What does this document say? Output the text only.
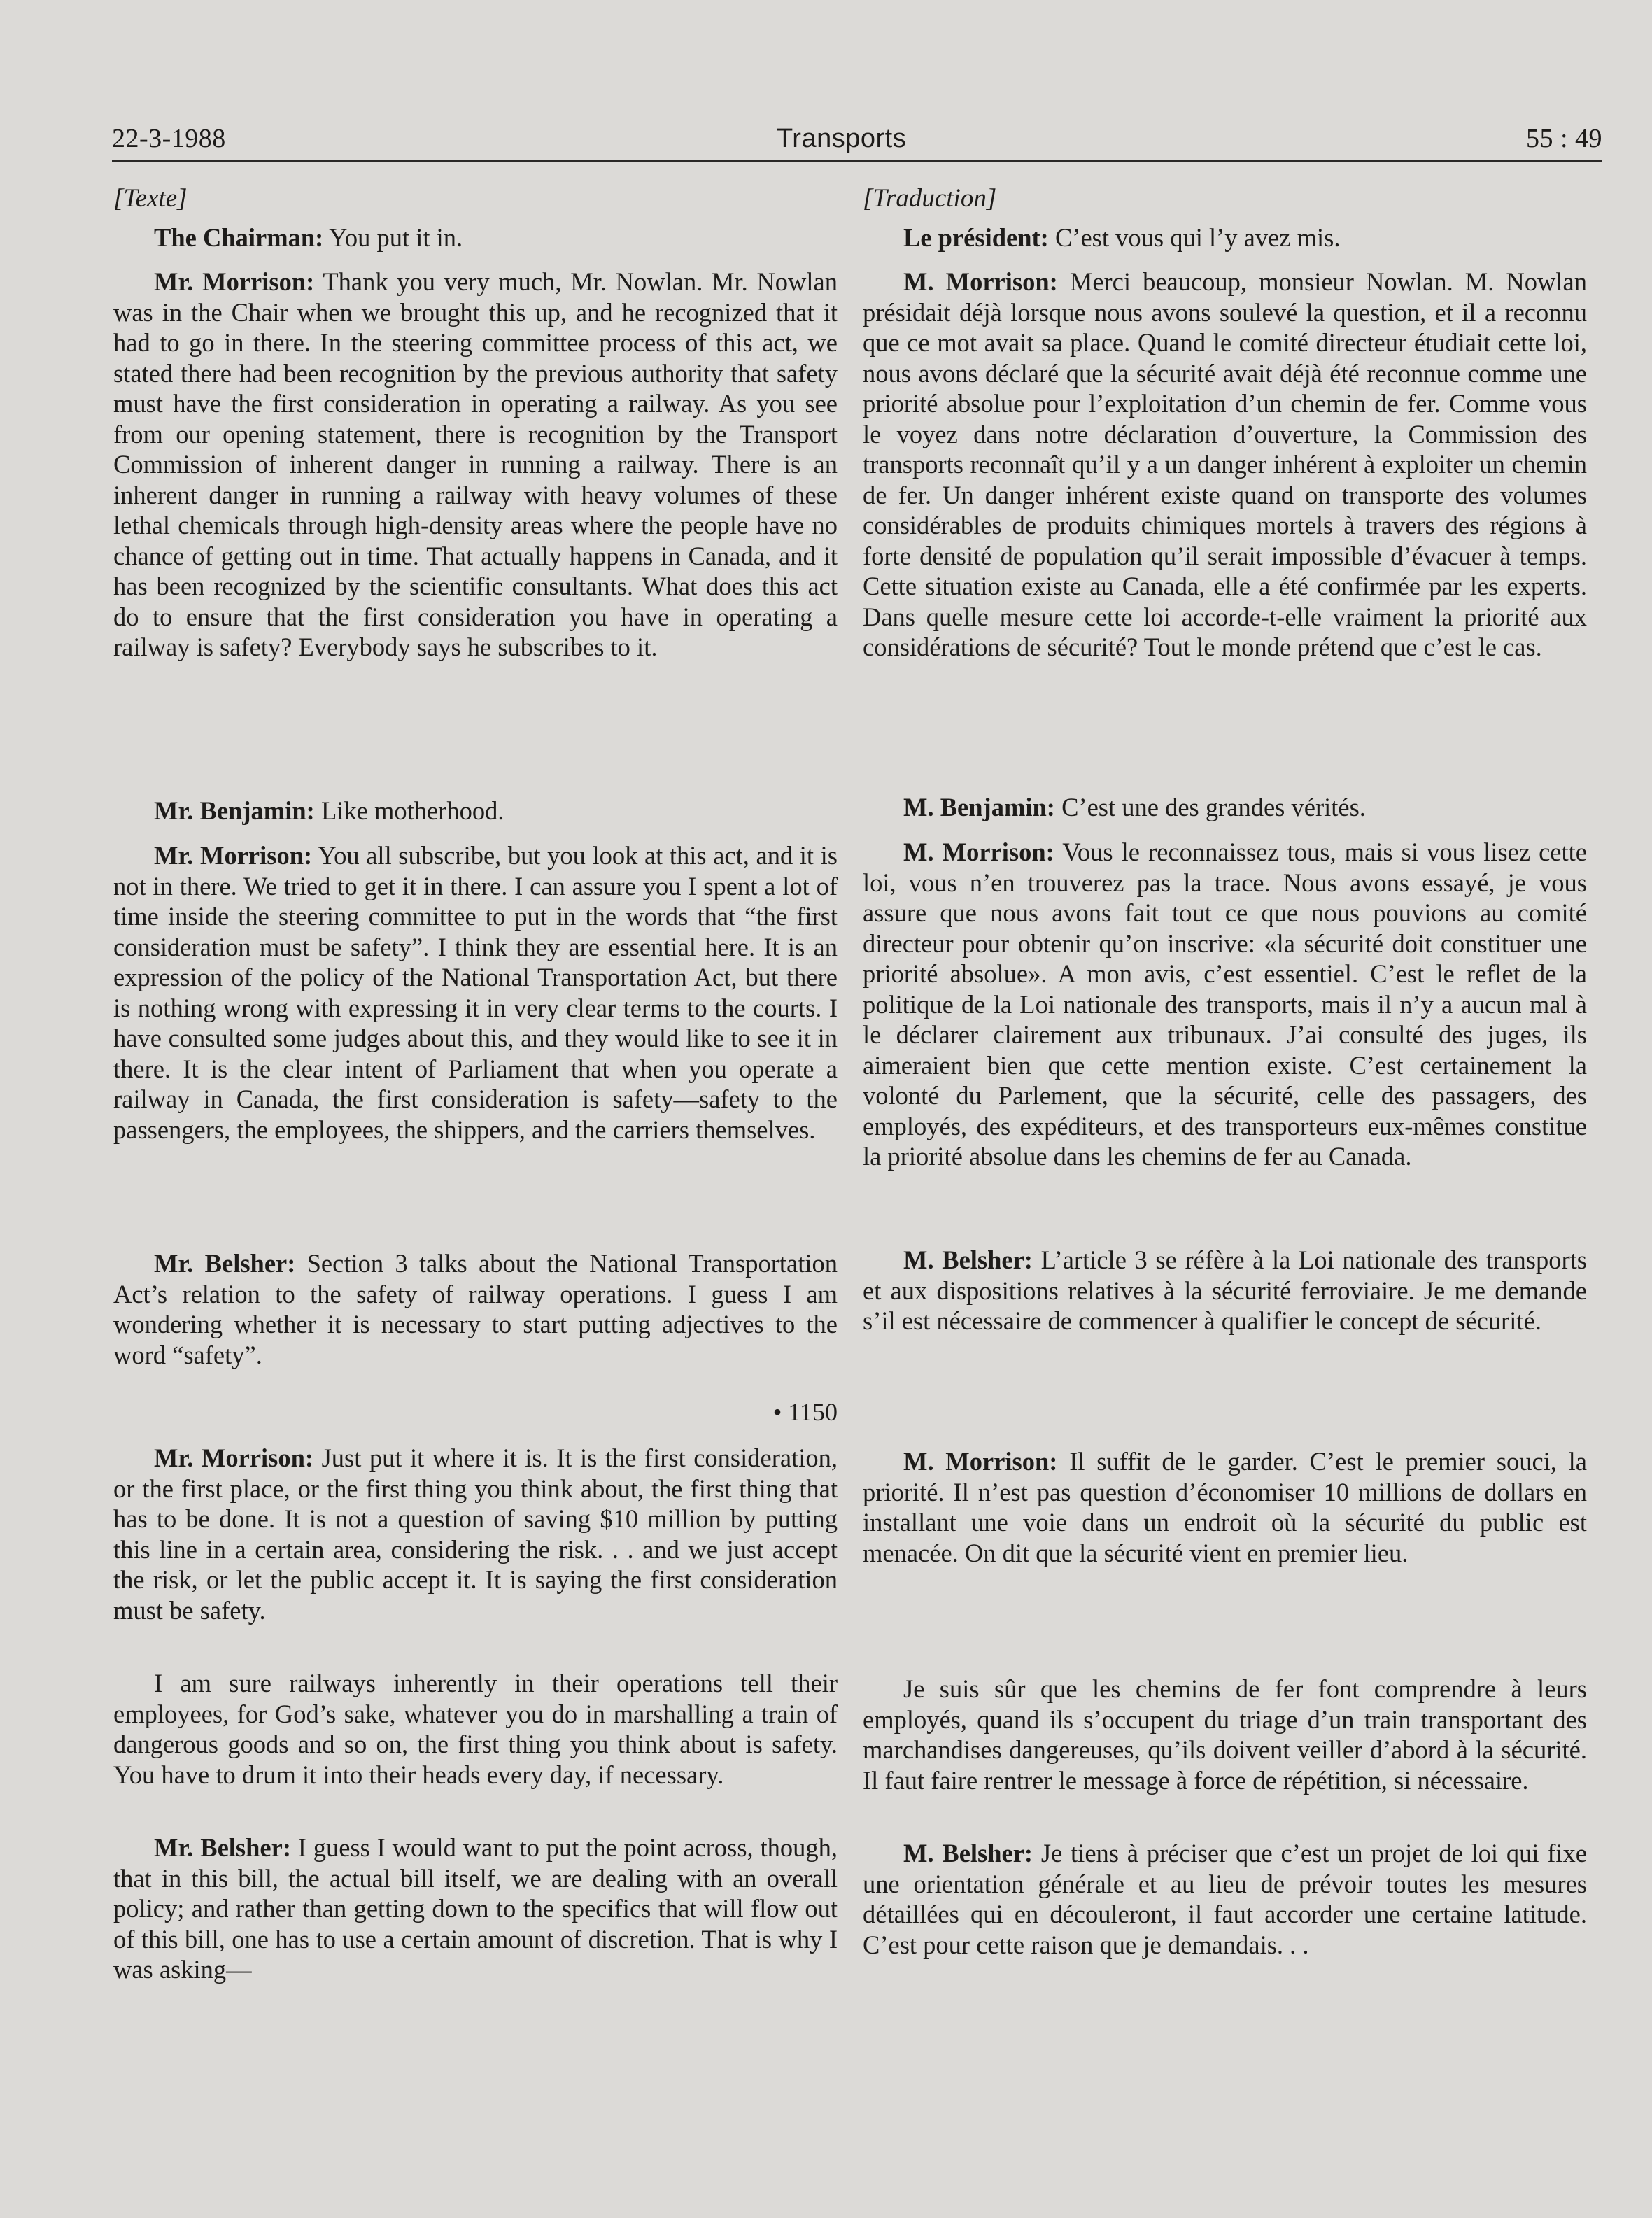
22-3-1988	Transports	55 : 49

[Texte]

The Chairman: You put it in.

Mr. Morrison: Thank you very much, Mr. Nowlan. Mr. Nowlan was in the Chair when we brought this up, and he recognized that it had to go in there. In the steering committee process of this act, we stated there had been recognition by the previous authority that safety must have the first consideration in operating a railway. As you see from our opening statement, there is recognition by the Transport Commission of inherent danger in running a railway. There is an inherent danger in running a railway with heavy volumes of these lethal chemicals through high-density areas where the people have no chance of getting out in time. That actually happens in Canada, and it has been recognized by the scientific consultants. What does this act do to ensure that the first consideration you have in operating a railway is safety? Everybody says he subscribes to it.

Mr. Benjamin: Like motherhood.

Mr. Morrison: You all subscribe, but you look at this act, and it is not in there. We tried to get it in there. I can assure you I spent a lot of time inside the steering committee to put in the words that “the first consideration must be safety”. I think they are essential here. It is an expression of the policy of the National Transportation Act, but there is nothing wrong with expressing it in very clear terms to the courts. I have consulted some judges about this, and they would like to see it in there. It is the clear intent of Parliament that when you operate a railway in Canada, the first consideration is safety—safety to the passengers, the employees, the shippers, and the carriers themselves.

Mr. Belsher: Section 3 talks about the National Transportation Act’s relation to the safety of railway operations. I guess I am wondering whether it is necessary to start putting adjectives to the word “safety”.

• 1150

Mr. Morrison: Just put it where it is. It is the first consideration, or the first place, or the first thing you think about, the first thing that has to be done. It is not a question of saving $10 million by putting this line in a certain area, considering the risk. . . and we just accept the risk, or let the public accept it. It is saying the first consideration must be safety.

I am sure railways inherently in their operations tell their employees, for God’s sake, whatever you do in marshalling a train of dangerous goods and so on, the first thing you think about is safety. You have to drum it into their heads every day, if necessary.

Mr. Belsher: I guess I would want to put the point across, though, that in this bill, the actual bill itself, we are dealing with an overall policy; and rather than getting down to the specifics that will flow out of this bill, one has to use a certain amount of discretion. That is why I was asking—

[Traduction]

Le président: C’est vous qui l’y avez mis.

M. Morrison: Merci beaucoup, monsieur Nowlan. M. Nowlan présidait déjà lorsque nous avons soulevé la question, et il a reconnu que ce mot avait sa place. Quand le comité directeur étudiait cette loi, nous avons déclaré que la sécurité avait déjà été reconnue comme une priorité absolue pour l’exploitation d’un chemin de fer. Comme vous le voyez dans notre déclaration d’ouverture, la Commission des transports reconnaît qu’il y a un danger inhérent à exploiter un chemin de fer. Un danger inhérent existe quand on transporte des volumes considérables de produits chimiques mortels à travers des régions à forte densité de population qu’il serait impossible d’évacuer à temps. Cette situation existe au Canada, elle a été confirmée par les experts. Dans quelle mesure cette loi accorde-t-elle vraiment la priorité aux considérations de sécurité? Tout le monde prétend que c’est le cas.

M. Benjamin: C’est une des grandes vérités.

M. Morrison: Vous le reconnaissez tous, mais si vous lisez cette loi, vous n’en trouverez pas la trace. Nous avons essayé, je vous assure que nous avons fait tout ce que nous pouvions au comité directeur pour obtenir qu’on inscrive: «la sécurité doit constituer une priorité absolue». A mon avis, c’est essentiel. C’est le reflet de la politique de la Loi nationale des transports, mais il n’y a aucun mal à le déclarer clairement aux tribunaux. J’ai consulté des juges, ils aimeraient bien que cette mention existe. C’est certainement la volonté du Parlement, que la sécurité, celle des passagers, des employés, des expéditeurs, et des transporteurs eux-mêmes constitue la priorité absolue dans les chemins de fer au Canada.

M. Belsher: L’article 3 se réfère à la Loi nationale des transports et aux dispositions relatives à la sécurité ferroviaire. Je me demande s’il est nécessaire de commencer à qualifier le concept de sécurité.

M. Morrison: Il suffit de le garder. C’est le premier souci, la priorité. Il n’est pas question d’économiser 10 millions de dollars en installant une voie dans un endroit où la sécurité du public est menacée. On dit que la sécurité vient en premier lieu.

Je suis sûr que les chemins de fer font comprendre à leurs employés, quand ils s’occupent du triage d’un train transportant des marchandises dangereuses, qu’ils doivent veiller d’abord à la sécurité. Il faut faire rentrer le message à force de répétition, si nécessaire.

M. Belsher: Je tiens à préciser que c’est un projet de loi qui fixe une orientation générale et au lieu de prévoir toutes les mesures détaillées qui en découleront, il faut accorder une certaine latitude. C’est pour cette raison que je demandais. . .
